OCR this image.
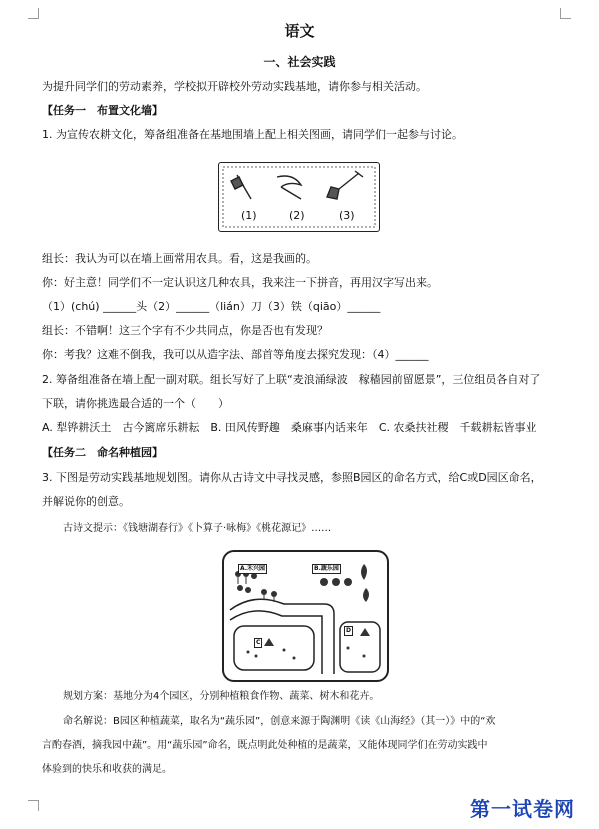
语文
一、社会实践
为提升同学们的劳动素养，学校拟开辟校外劳动实践基地，请你参与相关活动。
【任务一　布置文化墙】
1. 为宣传农耕文化，筹备组准备在基地围墙上配上相关图画，请同学们一起参与讨论。
(1)	(2)	(3)
组长：我认为可以在墙上画常用农具。看，这是我画的。
你：好主意！同学们不一定认识这几种农具，我来注一下拼音，再用汉字写出来。
（1）(chú) ______头（2）______（lián）刀（3）铁（qiāo）______
组长：不错啊！这三个字有不少共同点，你是否也有发现？
你：考我？这难不倒我，我可以从造字法、部首等角度去探究发现：（4）______
2. 筹备组准备在墙上配一副对联。组长写好了上联“麦浪涌绿波　稼穑园前留愿景”，三位组员各自对了
下联，请你挑选最合适的一个（　　）
A. 犁铧耕沃土　古今篱席乐耕耘　B. 田风传野趣　桑麻事内话来年　C. 农桑扶社稷　千载耕耘皆事业
【任务二　命名种植园】
3. 下图是劳动实践基地规划图。请你从古诗文中寻找灵感，参照B园区的命名方式，给C或D园区命名，
并解说你的创意。
古诗文提示：《钱塘湖春行》《卜算子·咏梅》《桃花源记》……
A.禾兴园	B.蔬乐园
C
D
规划方案：基地分为4个园区，分别种植粮食作物、蔬菜、树木和花卉。
命名解说：B园区种植蔬菜，取名为“蔬乐园”，创意来源于陶渊明《读《山海经》（其一）》中的“欢
言酌春酒，摘我园中蔬”。用“蔬乐园”命名，既点明此处种植的是蔬菜，又能体现同学们在劳动实践中
体验到的快乐和收获的满足。
第一试卷网
